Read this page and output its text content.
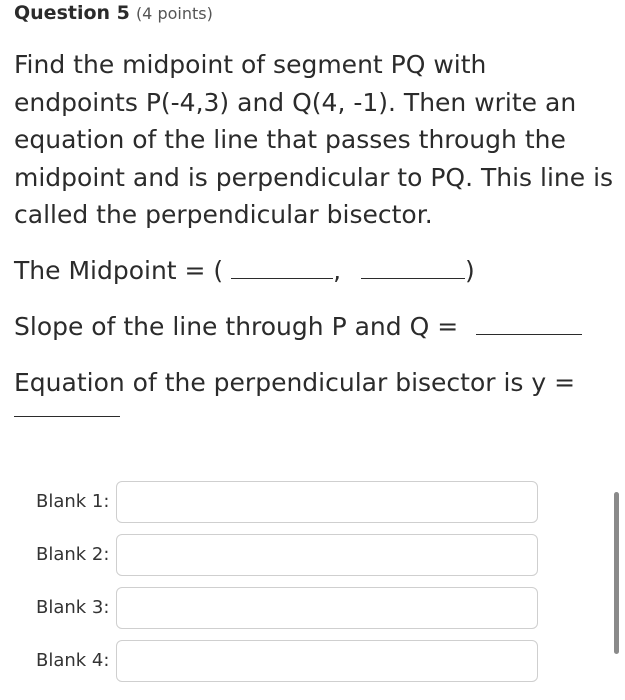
Question 5 (4 points)
Find the midpoint of segment PQ with endpoints P(-4,3) and Q(4, -1). Then write an equation of the line that passes through the midpoint and is perpendicular to PQ. This line is called the perpendicular bisector.
The Midpoint = (	,	)
Slope of the line through P and Q =
Equation of the perpendicular bisector is y =
Blank 1:
Blank 2:
Blank 3:
Blank 4:
